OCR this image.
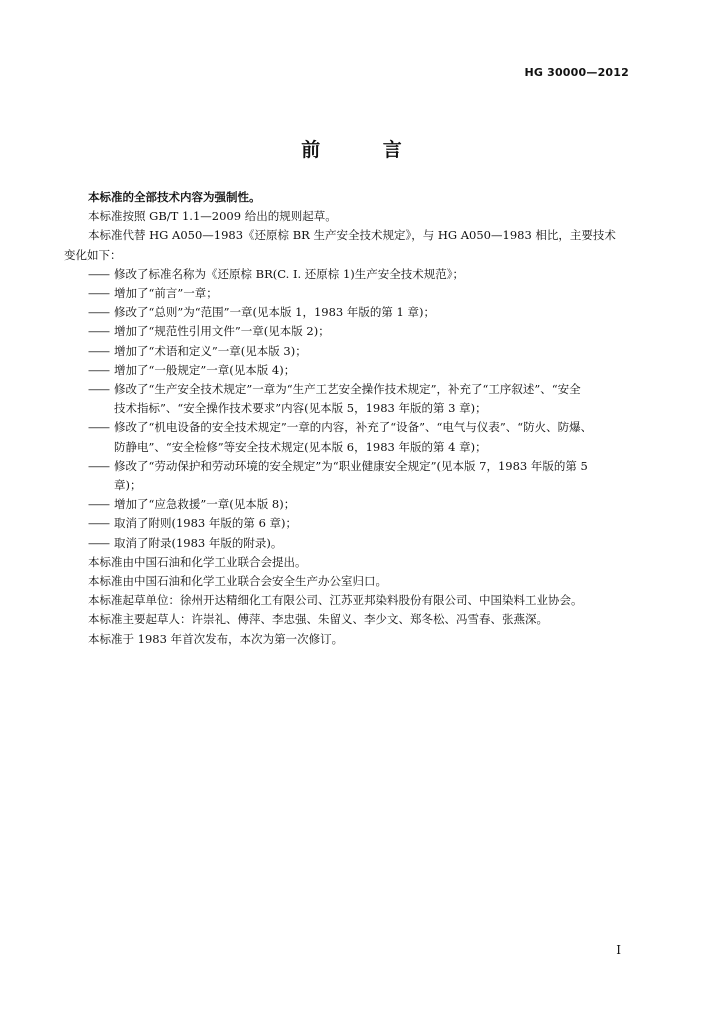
HG 30000—2012
前 言

本标准的全部技术内容为强制性。

本标准按照 GB/T 1.1—2009 给出的规则起草。

本标准代替 HG A050—1983《还原棕 BR 生产安全技术规定》，与 HG A050—1983 相比，主要技术

变化如下：

—— 修改了标准名称为《还原棕 BR(C. I. 还原棕 1)生产安全技术规范》；
—— 增加了“前言”一章；
—— 修改了“总则”为“范围”一章(见本版 1，1983 年版的第 1 章)；
—— 增加了“规范性引用文件”一章(见本版 2)；
—— 增加了“术语和定义”一章(见本版 3)；
—— 增加了“一般规定”一章(见本版 4)；
—— 修改了“生产安全技术规定”一章为“生产工艺安全操作技术规定”，补充了“工序叙述”、“安全
技术指标”、“安全操作技术要求”内容(见本版 5，1983 年版的第 3 章)；
—— 修改了“机电设备的安全技术规定”一章的内容，补充了“设备”、“电气与仪表”、“防火、防爆、
防静电”、“安全检修”等安全技术规定(见本版 6，1983 年版的第 4 章)；
—— 修改了“劳动保护和劳动环境的安全规定”为“职业健康安全规定”(见本版 7，1983 年版的第 5
章)；
—— 增加了“应急救援”一章(见本版 8)；
—— 取消了附则(1983 年版的第 6 章)；
—— 取消了附录(1983 年版的附录)。

本标准由中国石油和化学工业联合会提出。

本标准由中国石油和化学工业联合会安全生产办公室归口。

本标准起草单位：徐州开达精细化工有限公司、江苏亚邦染料股份有限公司、中国染料工业协会。

本标准主要起草人：许崇礼、傅萍、李忠强、朱留义、李少文、郑冬松、冯雪春、张燕深。

本标准于 1983 年首次发布，本次为第一次修订。

I
